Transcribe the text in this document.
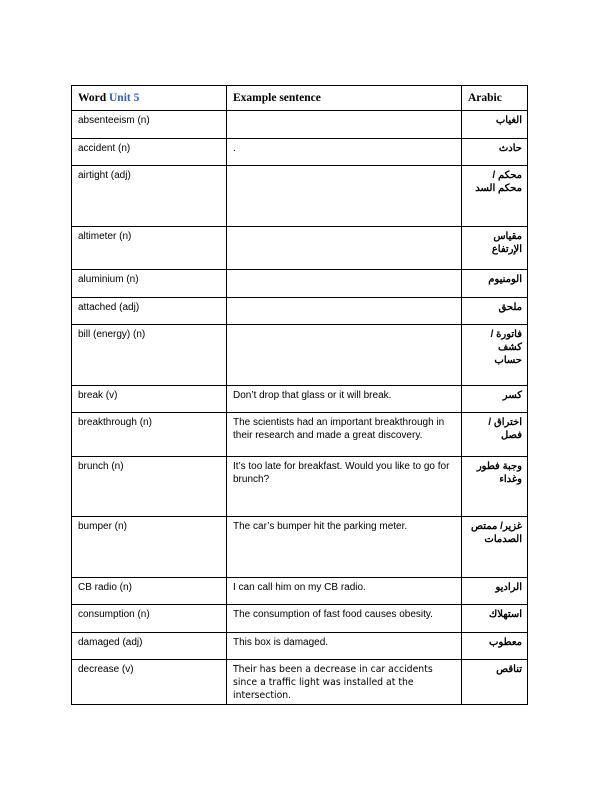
Word Unit 5	Example sentence	Arabic
absenteeism (n)		الغياب
accident (n)	.	حادث
airtight (adj)		محكم / محكم السد
altimeter (n)		مقياس الإرتفاع
aluminium (n)		الومنيوم
attached (adj)		ملحق
bill (energy) (n)		فاتورة / كشف حساب
break (v)	Don’t drop that glass or it will break.	كسر
breakthrough (n)	The scientists had an important breakthrough in their research and made a great discovery.	اختراق / فصل
brunch (n)	It’s too late for breakfast. Would you like to go for brunch?	وجبة فطور وغداء
bumper (n)	The car’s bumper hit the parking meter.	غزير/ ممتص الصدمات
CB radio (n)	I can call him on my CB radio.	الراديو
consumption (n)	The consumption of fast food causes obesity.	استهلاك
damaged (adj)	This box is damaged.	معطوب
decrease (v)	Their has been a decrease in car accidents since a traffic light was installed at the intersection.	تناقص
